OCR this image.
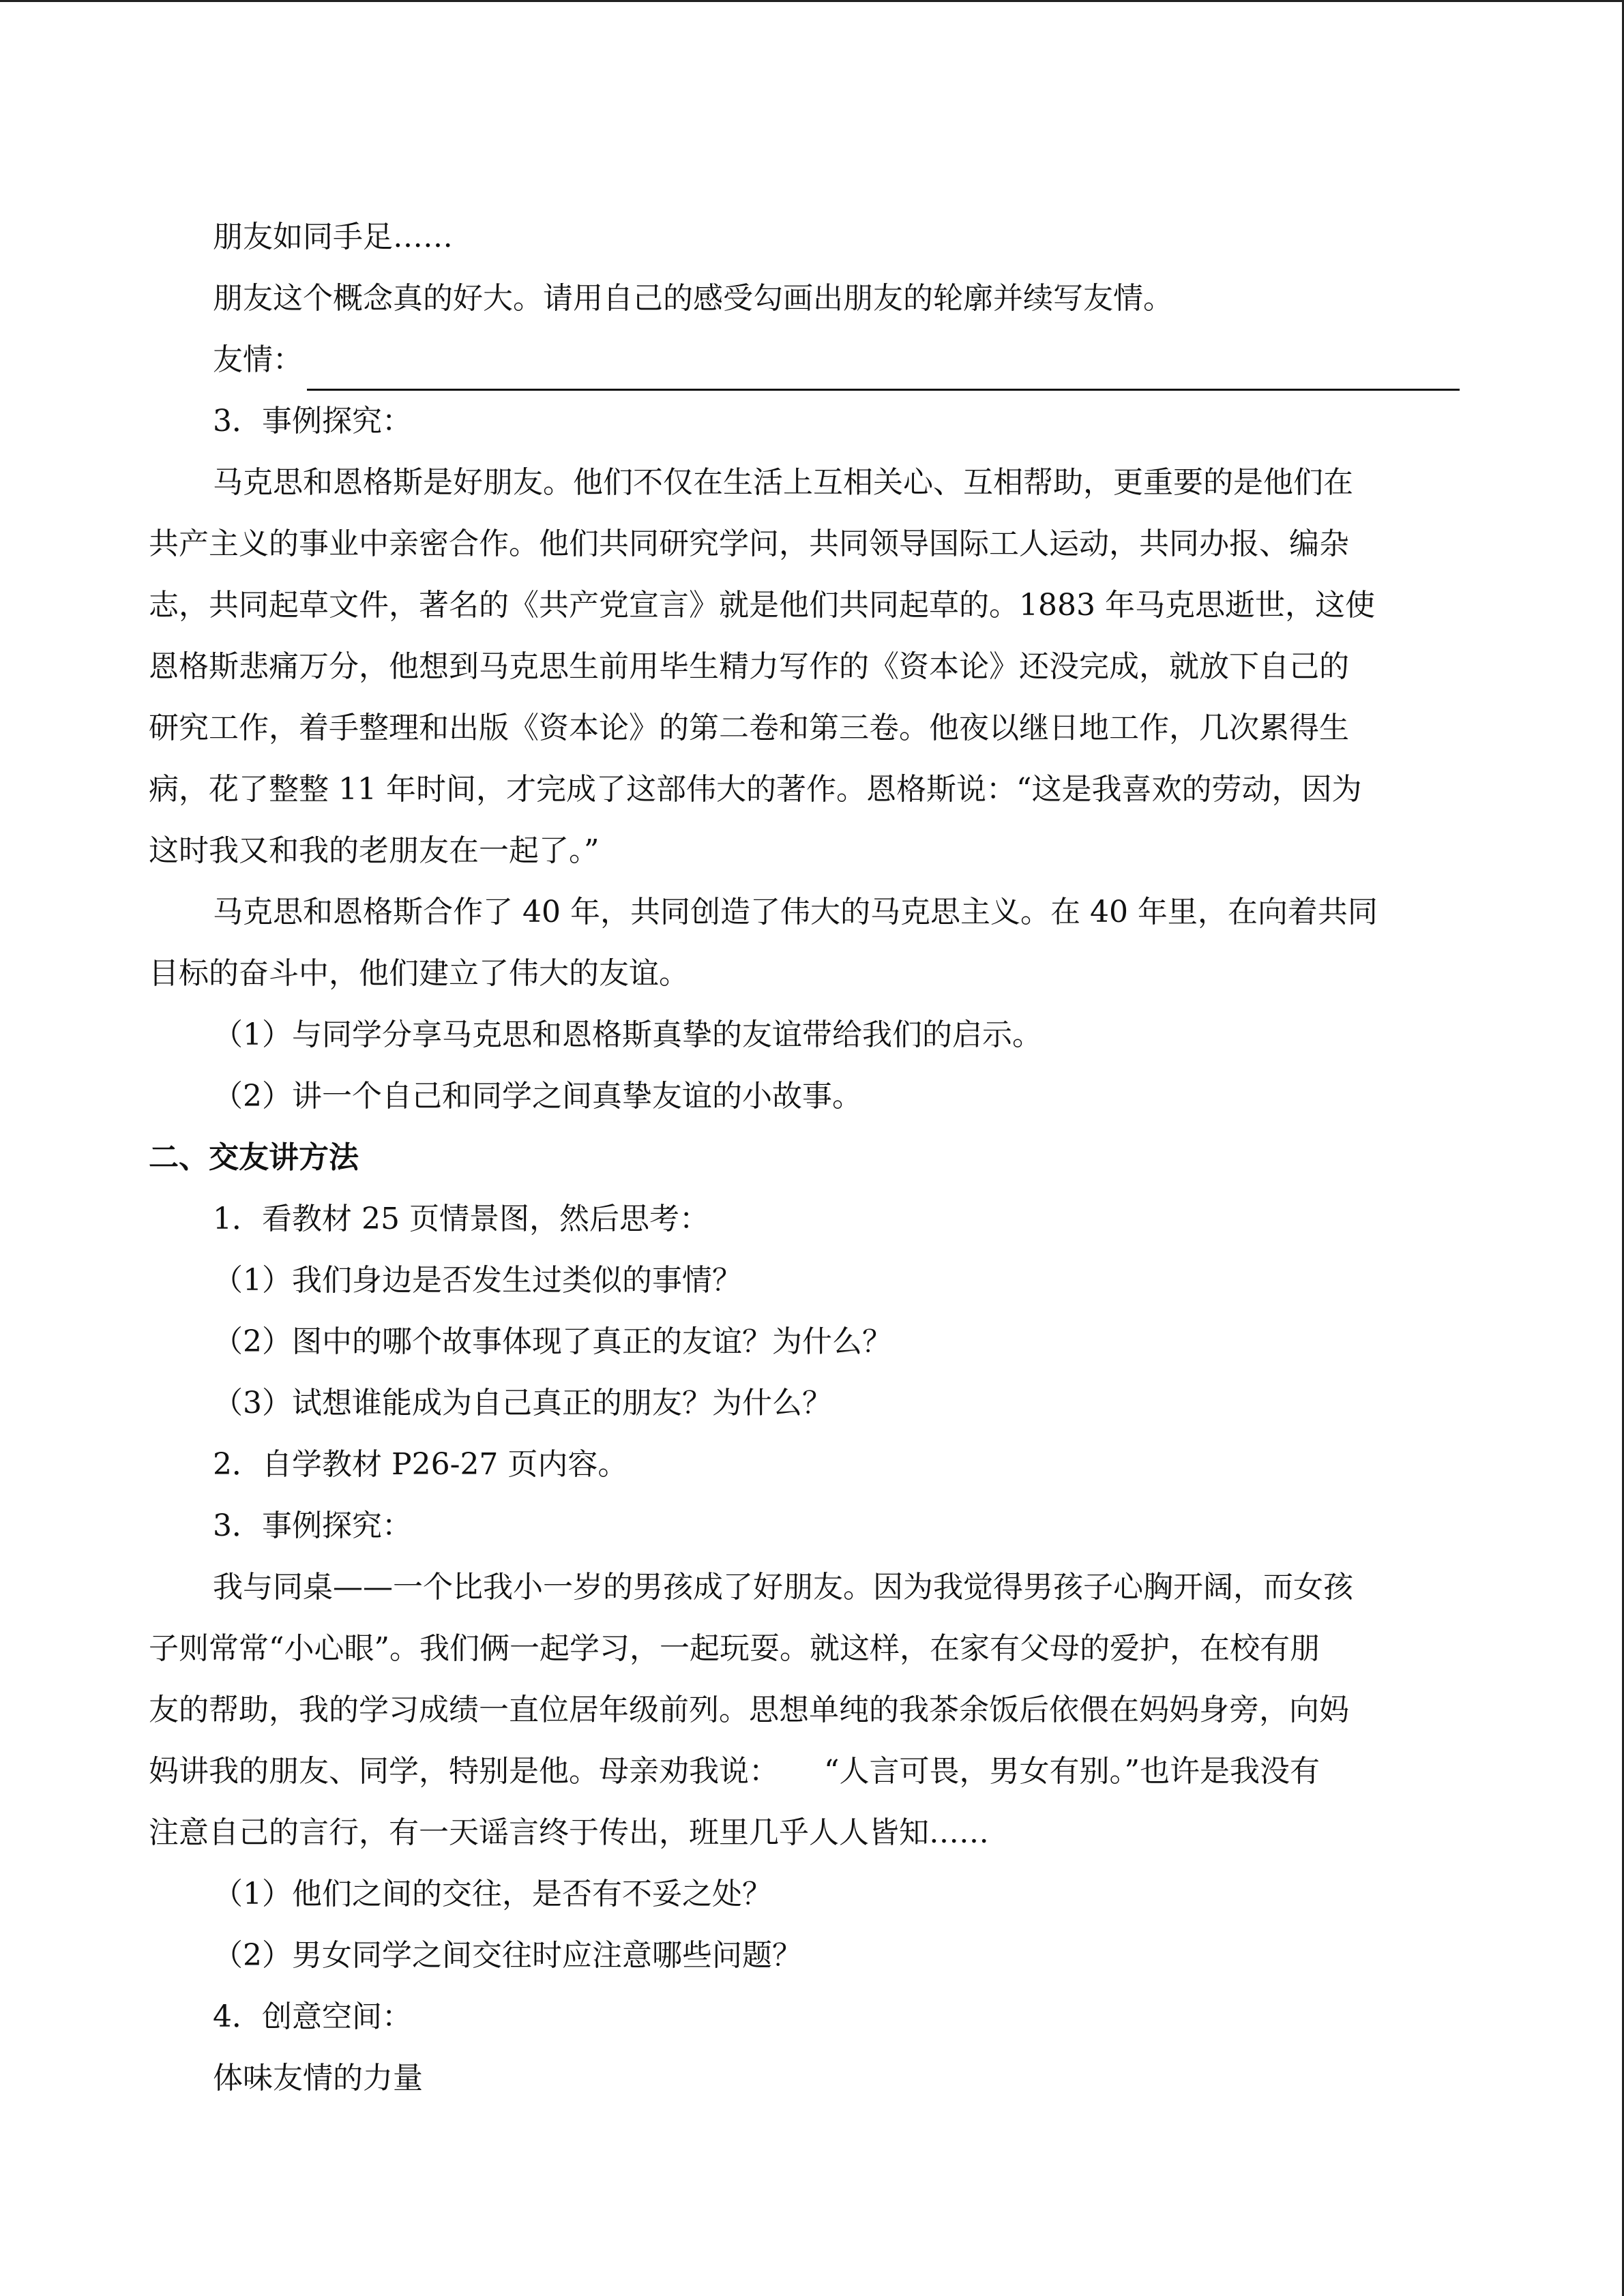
朋友如同手足……
朋友这个概念真的好大。请用自己的感受勾画出朋友的轮廓并续写友情。
友情：
3．事例探究：
马克思和恩格斯是好朋友。他们不仅在生活上互相关心、互相帮助，更重要的是他们在
共产主义的事业中亲密合作。他们共同研究学问，共同领导国际工人运动，共同办报、编杂
志，共同起草文件，著名的《共产党宣言》就是他们共同起草的。1883 年马克思逝世，这使
恩格斯悲痛万分，他想到马克思生前用毕生精力写作的《资本论》还没完成，就放下自己的
研究工作，着手整理和出版《资本论》的第二卷和第三卷。他夜以继日地工作，几次累得生
病，花了整整 11 年时间，才完成了这部伟大的著作。恩格斯说：“这是我喜欢的劳动，因为
这时我又和我的老朋友在一起了。”
马克思和恩格斯合作了 40 年，共同创造了伟大的马克思主义。在 40 年里，在向着共同
目标的奋斗中，他们建立了伟大的友谊。
（1）与同学分享马克思和恩格斯真挚的友谊带给我们的启示。
（2）讲一个自己和同学之间真挚友谊的小故事。
二、交友讲方法
1．看教材 25 页情景图，然后思考：
（1）我们身边是否发生过类似的事情？
（2）图中的哪个故事体现了真正的友谊？为什么？
（3）试想谁能成为自己真正的朋友？为什么？
2．自学教材 P26-27 页内容。
3．事例探究：
我与同桌——一个比我小一岁的男孩成了好朋友。因为我觉得男孩子心胸开阔，而女孩
子则常常“小心眼”。我们俩一起学习，一起玩耍。就这样，在家有父母的爱护，在校有朋
友的帮助，我的学习成绩一直位居年级前列。思想单纯的我茶余饭后依偎在妈妈身旁，向妈
妈讲我的朋友、同学，特别是他。母亲劝我说：　　“人言可畏，男女有别。”也许是我没有
注意自己的言行，有一天谣言终于传出，班里几乎人人皆知……
（1）他们之间的交往，是否有不妥之处？
（2）男女同学之间交往时应注意哪些问题？
4．创意空间：
体味友情的力量
